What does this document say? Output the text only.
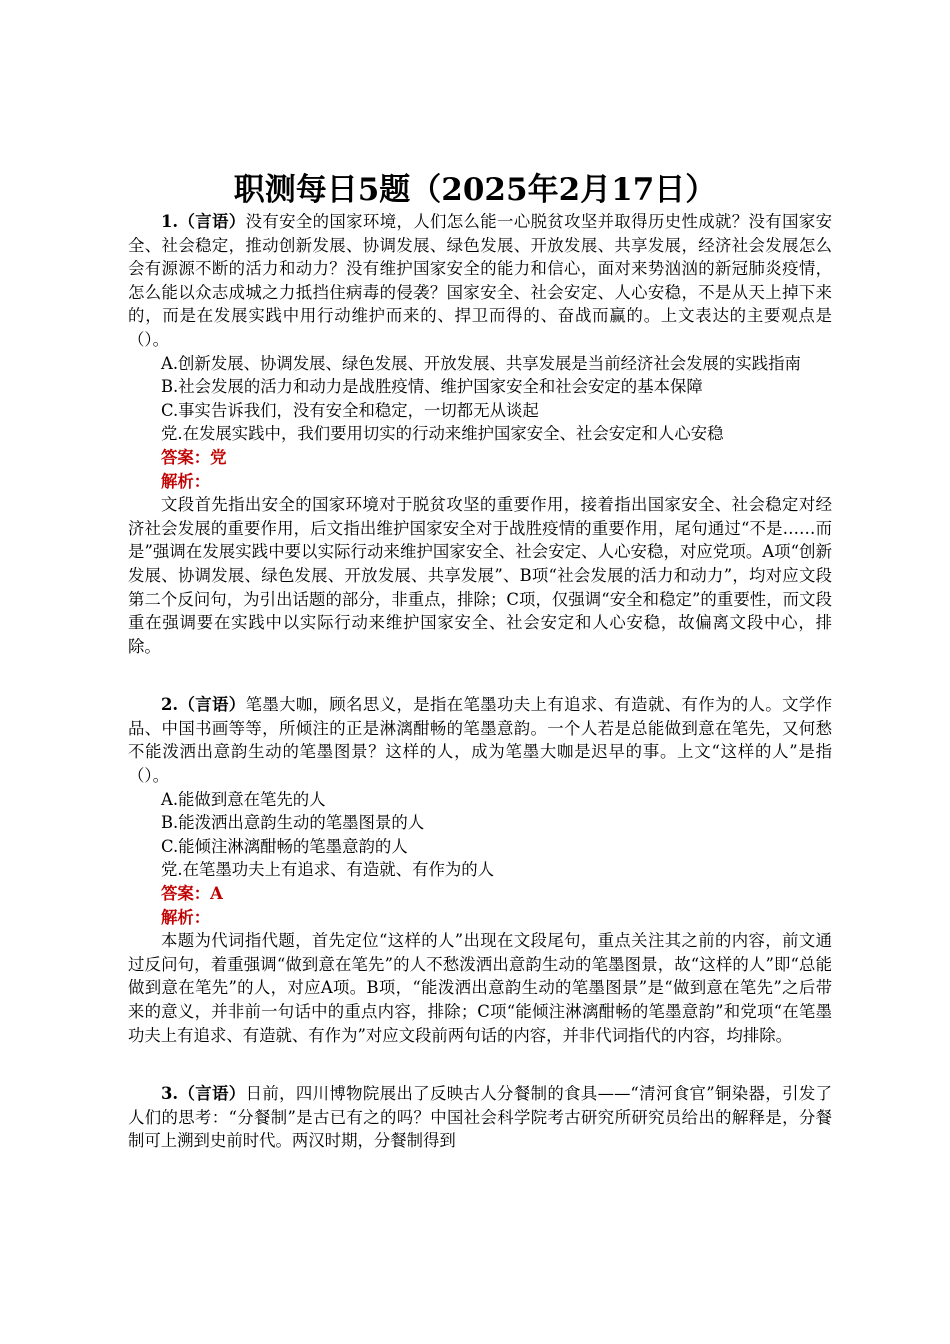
职测每日5题（2025年2月17日）

1.（言语）没有安全的国家环境，人们怎么能一心脱贫攻坚并取得历史性成就？没有国家安全、社会稳定，推动创新发展、协调发展、绿色发展、开放发展、共享发展，经济社会发展怎么会有源源不断的活力和动力？没有维护国家安全的能力和信心，面对来势汹汹的新冠肺炎疫情，怎么能以众志成城之力抵挡住病毒的侵袭？国家安全、社会安定、人心安稳，不是从天上掉下来的，而是在发展实践中用行动维护而来的、捍卫而得的、奋战而赢的。上文表达的主要观点是（）。

A.创新发展、协调发展、绿色发展、开放发展、共享发展是当前经济社会发展的实践指南

B.社会发展的活力和动力是战胜疫情、维护国家安全和社会安定的基本保障

C.事实告诉我们，没有安全和稳定，一切都无从谈起

党.在发展实践中，我们要用切实的行动来维护国家安全、社会安定和人心安稳

答案：党

解析：

文段首先指出安全的国家环境对于脱贫攻坚的重要作用，接着指出国家安全、社会稳定对经济社会发展的重要作用，后文指出维护国家安全对于战胜疫情的重要作用，尾句通过“不是……而是”强调在发展实践中要以实际行动来维护国家安全、社会安定、人心安稳，对应党项。A项“创新发展、协调发展、绿色发展、开放发展、共享发展”、B项“社会发展的活力和动力”，均对应文段第二个反问句，为引出话题的部分，非重点，排除；C项，仅强调“安全和稳定”的重要性，而文段重在强调要在实践中以实际行动来维护国家安全、社会安定和人心安稳，故偏离文段中心，排除。

2.（言语）笔墨大咖，顾名思义，是指在笔墨功夫上有追求、有造就、有作为的人。文学作品、中国书画等等，所倾注的正是淋漓酣畅的笔墨意韵。一个人若是总能做到意在笔先，又何愁不能泼洒出意韵生动的笔墨图景？这样的人，成为笔墨大咖是迟早的事。上文“这样的人”是指（）。

A.能做到意在笔先的人

B.能泼洒出意韵生动的笔墨图景的人

C.能倾注淋漓酣畅的笔墨意韵的人

党.在笔墨功夫上有追求、有造就、有作为的人

答案：A

解析：

本题为代词指代题，首先定位“这样的人”出现在文段尾句，重点关注其之前的内容，前文通过反问句，着重强调“做到意在笔先”的人不愁泼洒出意韵生动的笔墨图景，故“这样的人”即“总能做到意在笔先”的人，对应A项。B项，“能泼洒出意韵生动的笔墨图景”是“做到意在笔先”之后带来的意义，并非前一句话中的重点内容，排除；C项“能倾注淋漓酣畅的笔墨意韵”和党项“在笔墨功夫上有追求、有造就、有作为”对应文段前两句话的内容，并非代词指代的内容，均排除。

3.（言语）日前，四川博物院展出了反映古人分餐制的食具——“清河食官”铜染器，引发了人们的思考：“分餐制”是古已有之的吗？中国社会科学院考古研究所研究员给出的解释是，分餐制可上溯到史前时代。两汉时期，分餐制得到
